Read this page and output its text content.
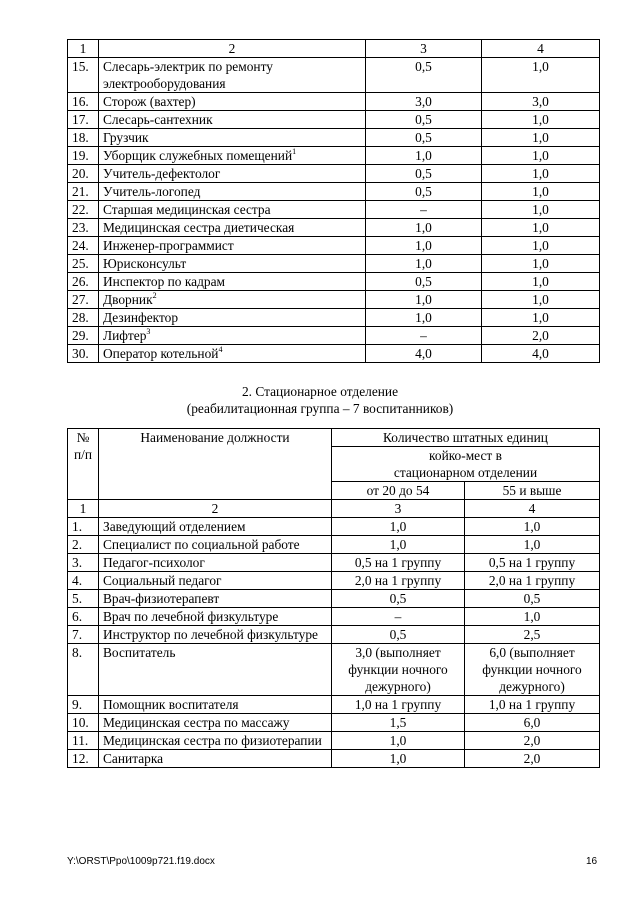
1	2	3	4
15.	Слесарь-электрик по ремонту электрооборудования	0,5	1,0
16.	Сторож (вахтер)	3,0	3,0
17.	Слесарь-сантехник	0,5	1,0
18.	Грузчик	0,5	1,0
19.	Уборщик служебных помещений$^1$	1,0	1,0
20.	Учитель-дефектолог	0,5	1,0
21.	Учитель-логопед	0,5	1,0
22.	Старшая медицинская сестра	–	1,0
23.	Медицинская сестра диетическая	1,0	1,0
24.	Инженер-программист	1,0	1,0
25.	Юрисконсульт	1,0	1,0
26.	Инспектор по кадрам	0,5	1,0
27.	Дворник$^2$	1,0	1,0
28.	Дезинфектор	1,0	1,0
29.	Лифтер$^3$	–	2,0
30.	Оператор котельной$^4$	4,0	4,0
2. Стационарное отделение
(реабилитационная группа – 7 воспитанников)
№ п/п	Наименование должности	Количество штатных единиц	
		койко-мест в стационарном отделении	
		от 20 до 54	55 и выше
1	2	3	4
1.	Заведующий отделением	1,0	1,0
2.	Специалист по социальной работе	1,0	1,0
3.	Педагог-психолог	0,5 на 1 группу	0,5 на 1 группу
4.	Социальный педагог	2,0 на 1 группу	2,0 на 1 группу
5.	Врач-физиотерапевт	0,5	0,5
6.	Врач по лечебной физкультуре	–	1,0
7.	Инструктор по лечебной физкультуре	0,5	2,5
8.	Воспитатель	3,0 (выполняет функции ночного дежурного)	6,0 (выполняет функции ночного дежурного)
9.	Помощник воспитателя	1,0 на 1 группу	1,0 на 1 группу
10.	Медицинская сестра по массажу	1,5	6,0
11.	Медицинская сестра по физиотерапии	1,0	2,0
12.	Санитарка	1,0	2,0
Y:\ORST\Ppo\1009p721.f19.docx	16
